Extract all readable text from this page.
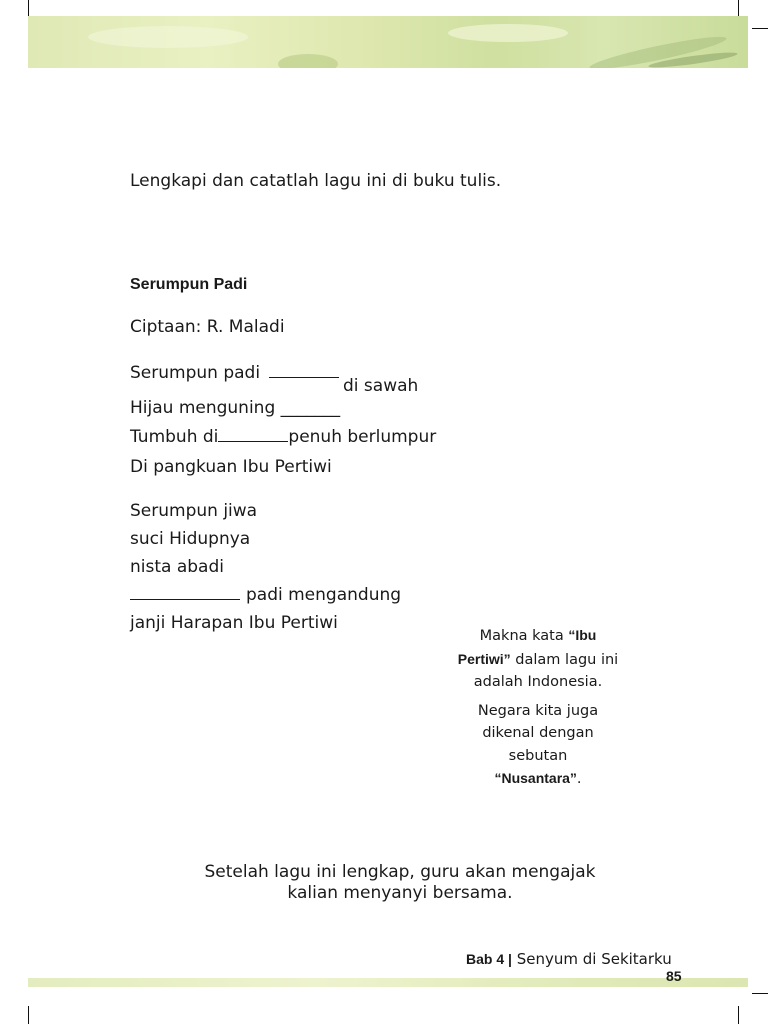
Lengkapi dan catatlah lagu ini di buku tulis.
Serumpun Padi
Ciptaan: R. Maladi
Serumpun padi
di sawah
Hijau menguning _______
Tumbuh di	penuh berlumpur
Di pangkuan Ibu Pertiwi
Serumpun jiwa
suci Hidupnya
nista abadi
padi mengandung
janji Harapan Ibu Pertiwi
Makna kata “Ibu
Pertiwi” dalam lagu ini
adalah Indonesia.
Negara kita juga
dikenal dengan
sebutan
“Nusantara”.
Setelah lagu ini lengkap, guru akan mengajak
kalian menyanyi bersama.
Bab 4 | Senyum di Sekitarku
85
